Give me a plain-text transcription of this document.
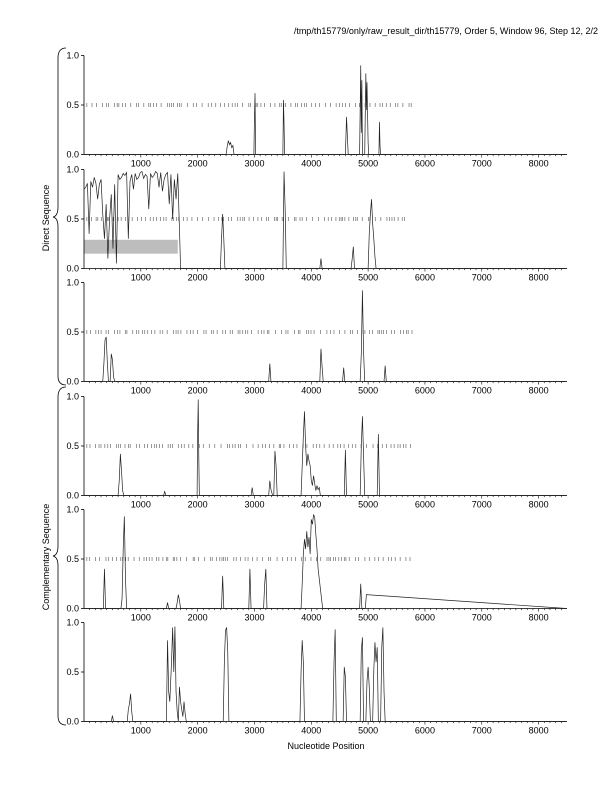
/tmp/th15779/only/raw_result_dir/th15779, Order 5, Window 96, Step 12, 2/2
0.0
0.5
1.0
1000	2000	3000	4000	5000	6000	7000	8000
0.0
0.5
1.0
1000	2000	3000	4000	5000	6000	7000	8000
0.0
0.5
1.0
1000	2000	3000	4000	5000	6000	7000	8000
0.0
0.5
1.0
1000	2000	3000	4000	5000	6000	7000	8000
0.0
0.5
1.0
1000	2000	3000	4000	5000	6000	7000	8000
0.0
0.5
1.0
1000	2000	3000	4000	5000	6000	7000	8000
Direct Sequence
Complementary Sequence
Nucleotide Position
